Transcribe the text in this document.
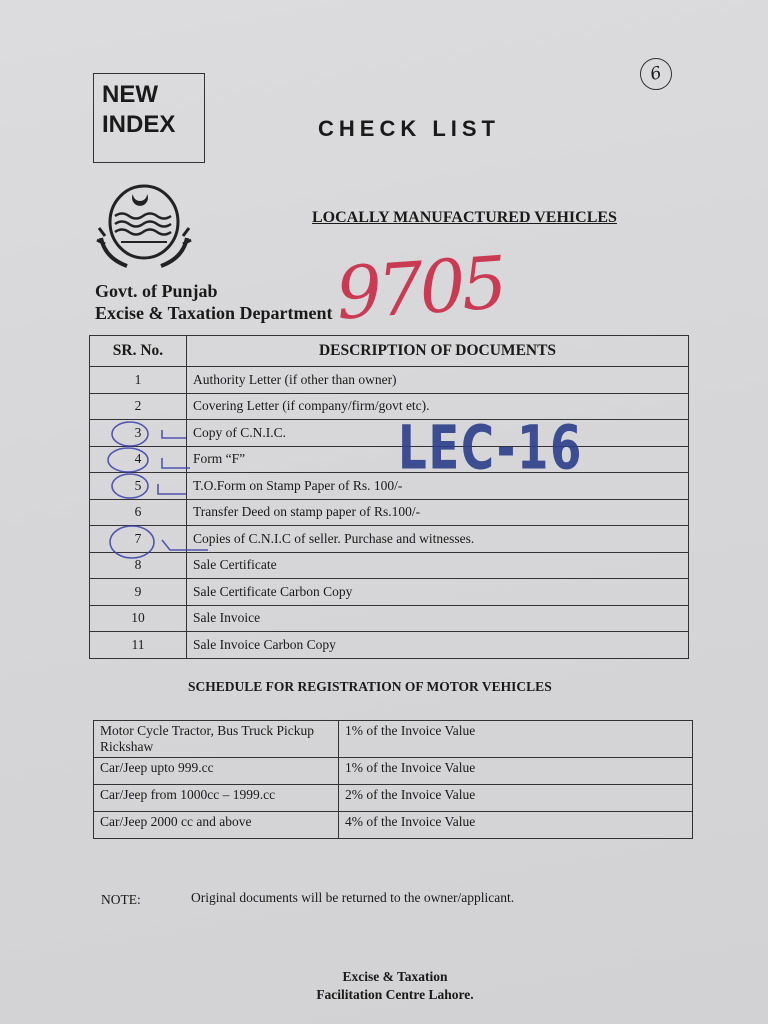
NEW
INDEX
6
CHECK LIST
LOCALLY MANUFACTURED VEHICLES
Govt. of Punjab
Excise & Taxation Department 9705
SR. No.	DESCRIPTION OF DOCUMENTS
1	Authority Letter (if other than owner)
2	Covering Letter (if company/firm/govt etc).
3	Copy of C.N.I.C.
4	Form “F”
5	T.O.Form on Stamp Paper of Rs. 100/-
6	Transfer Deed on stamp paper of Rs.100/-
7	Copies of C.N.I.C of seller. Purchase and witnesses.
8	Sale Certificate
9	Sale Certificate Carbon Copy
10	Sale Invoice
11	Sale Invoice Carbon Copy
LEC-16
SCHEDULE FOR REGISTRATION OF MOTOR VEHICLES
Motor Cycle Tractor, Bus Truck Pickup Rickshaw	1% of the Invoice Value
Car/Jeep upto 999.cc	1% of the Invoice Value
Car/Jeep from 1000cc – 1999.cc	2% of the Invoice Value
Car/Jeep 2000 cc and above	4% of the Invoice Value
NOTE:	Original documents will be returned to the owner/applicant.
Excise & Taxation
Facilitation Centre Lahore.
